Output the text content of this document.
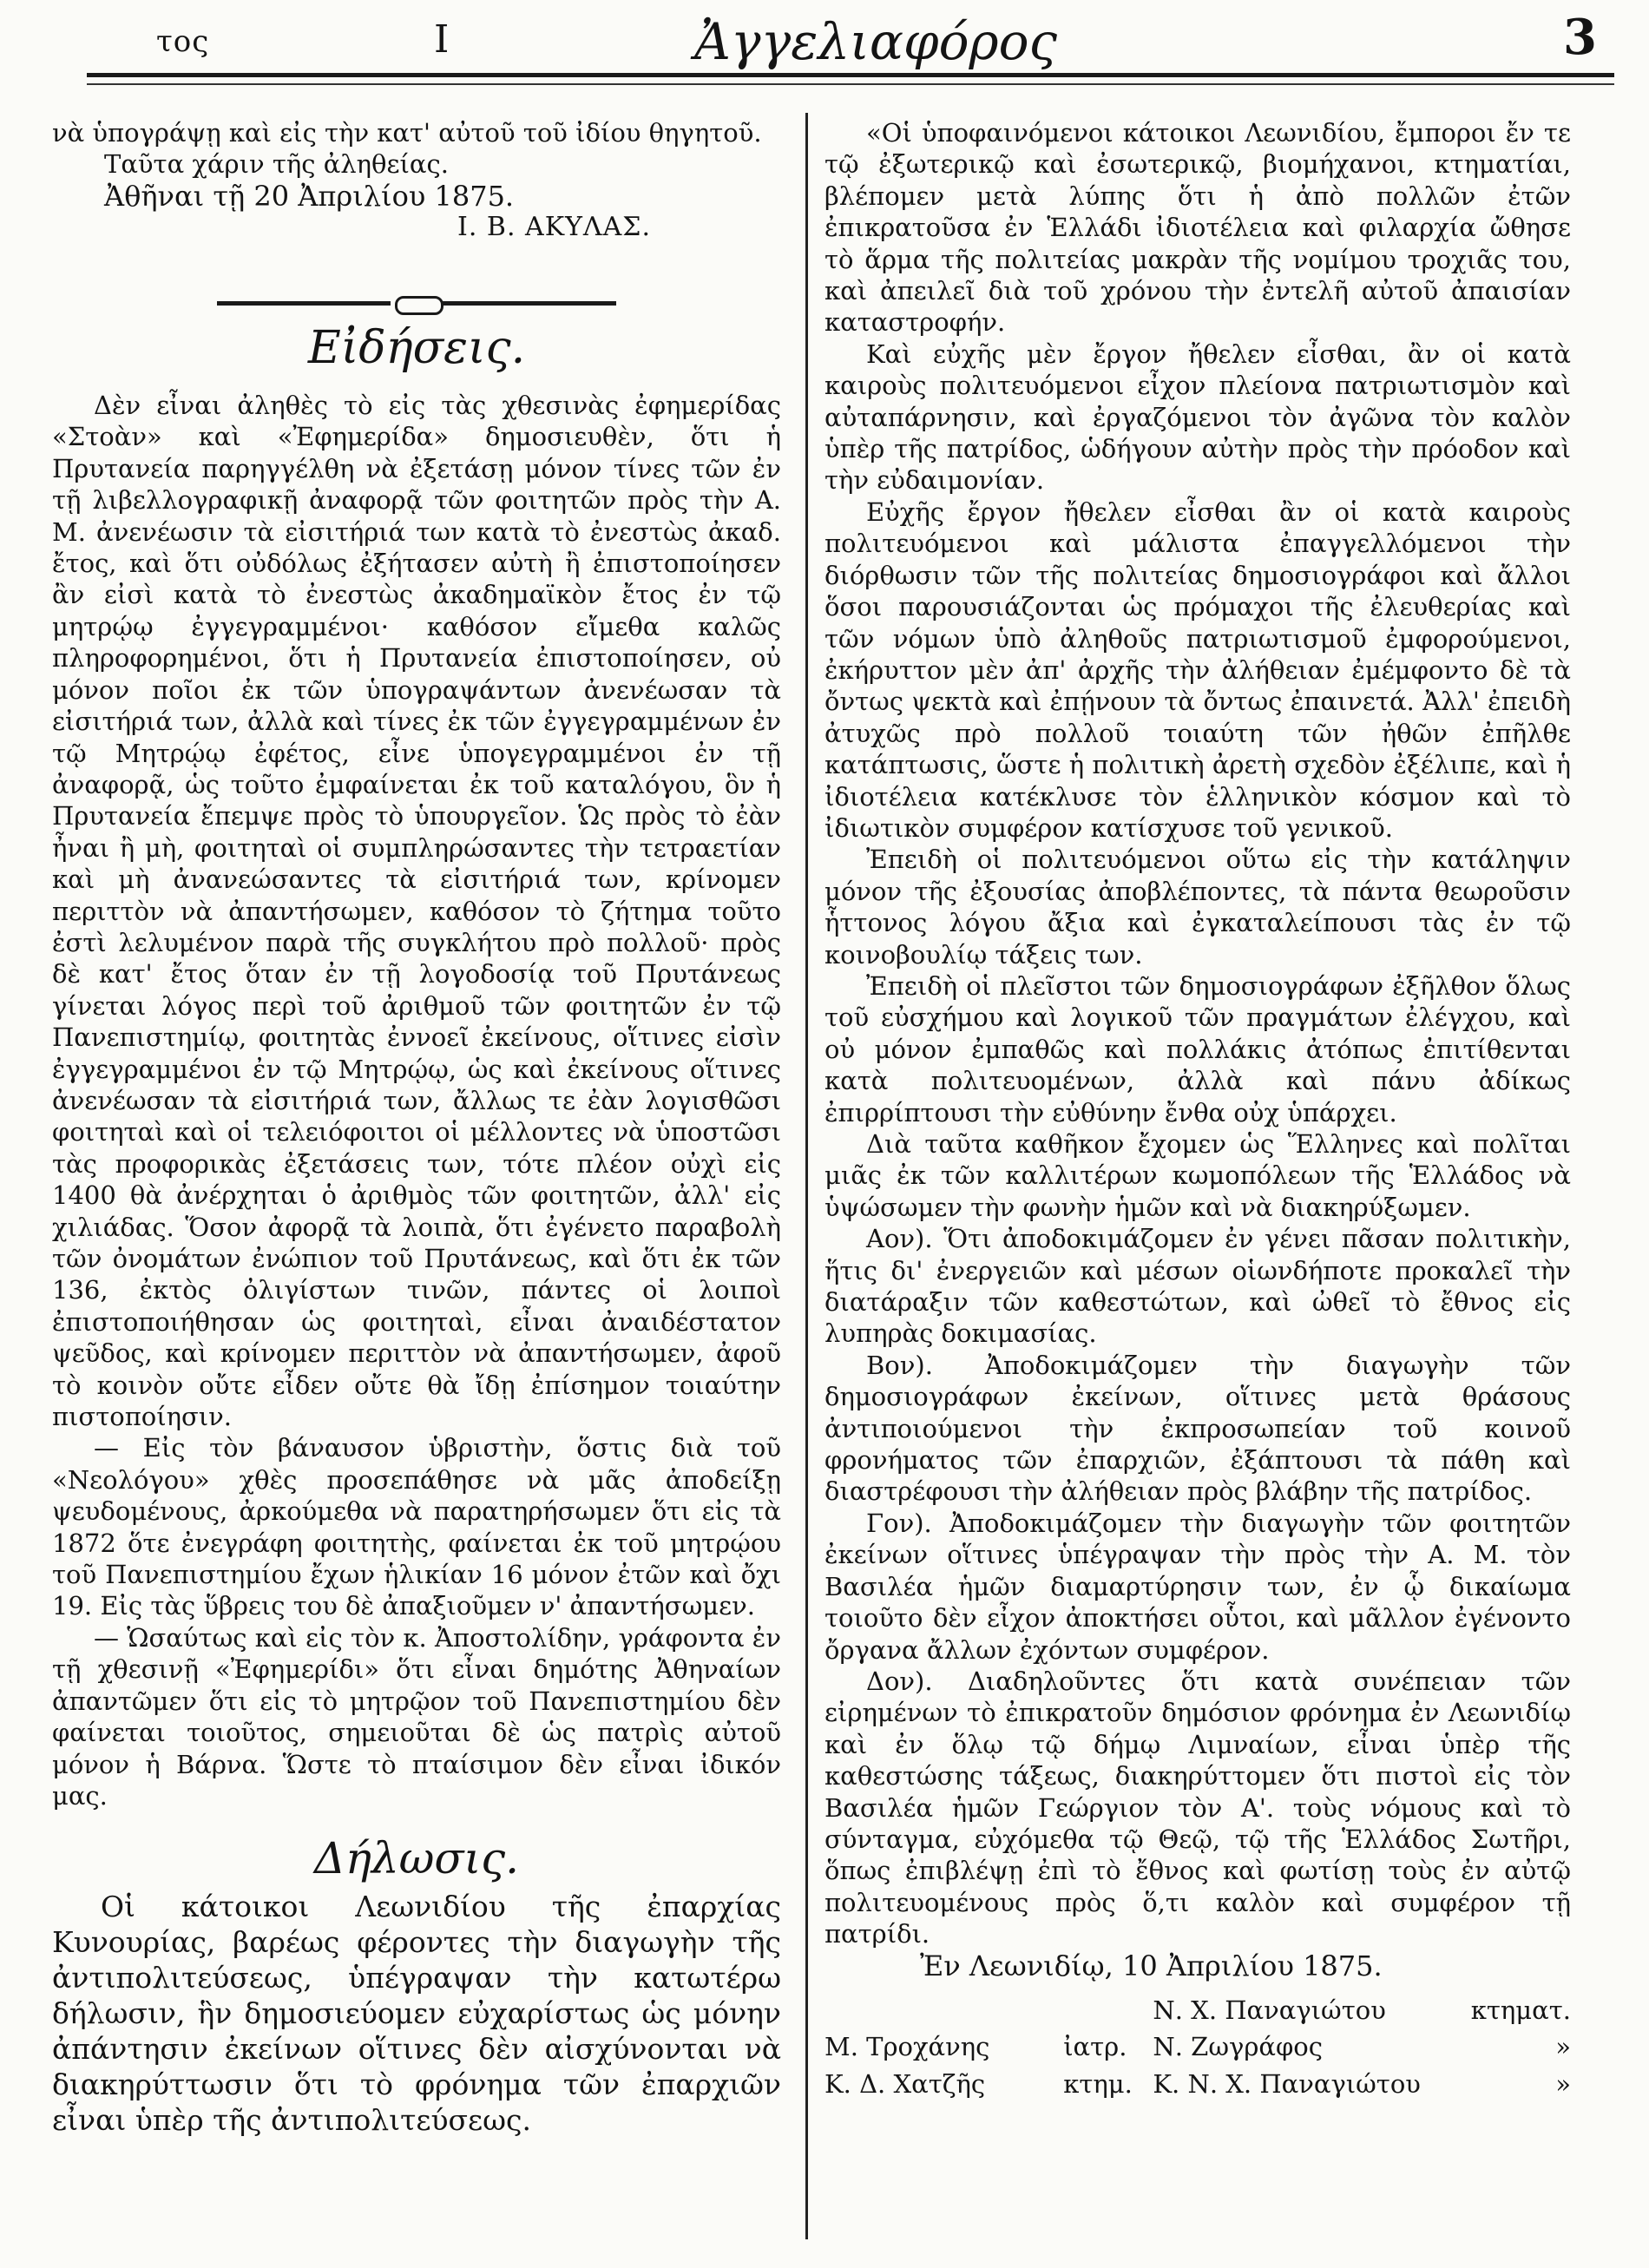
τος	Ι	Ἀγγελιαφόρος	3

νὰ ὑπογράψῃ καὶ εἰς τὴν κατ' αὐτοῦ τοῦ ἰδίου θηγητοῦ.

Ταῦτα χάριν τῆς ἀληθείας.

Ἀθῆναι τῇ 20 Ἀπριλίου 1875.

Ι. Β. ΑΚΥΛΑΣ.

Εἰδήσεις.

Δὲν εἶναι ἀληθὲς τὸ εἰς τὰς χθεσινὰς ἐφημερίδας «Στοὰν» καὶ «Ἐφημερίδα» δημοσιευθὲν, ὅτι ἡ Πρυτανεία παρηγγέλθη νὰ ἐξετάσῃ μόνον τίνες τῶν ἐν τῇ λιβελλογραφικῇ ἀναφορᾷ τῶν φοιτητῶν πρὸς τὴν Α. Μ. ἀνενέωσιν τὰ εἰσιτήριά των κατὰ τὸ ἐνεστὼς ἀκαδ. ἔτος, καὶ ὅτι οὐδόλως ἐξήτασεν αὐτὴ ἢ ἐπιστοποίησεν ἂν εἰσὶ κατὰ τὸ ἐνεστὼς ἀκαδημαϊκὸν ἔτος ἐν τῷ μητρῴῳ ἐγγεγραμμένοι· καθόσον εἴμεθα καλῶς πληροφορημένοι, ὅτι ἡ Πρυτανεία ἐπιστοποίησεν, οὐ μόνον ποῖοι ἐκ τῶν ὑπογραψάντων ἀνενέωσαν τὰ εἰσιτήριά των, ἀλλὰ καὶ τίνες ἐκ τῶν ἐγγεγραμμένων ἐν τῷ Μητρῴῳ ἐφέτος, εἶνε ὑπογεγραμμένοι ἐν τῇ ἀναφορᾷ, ὡς τοῦτο ἐμφαίνεται ἐκ τοῦ καταλόγου, ὃν ἡ Πρυτανεία ἔπεμψε πρὸς τὸ ὑπουργεῖον. Ὡς πρὸς τὸ ἐὰν ἦναι ἢ μὴ, φοιτηταὶ οἱ συμπληρώσαντες τὴν τετραετίαν καὶ μὴ ἀνανεώσαντες τὰ εἰσιτήριά των, κρίνομεν περιττὸν νὰ ἀπαντήσωμεν, καθόσον τὸ ζήτημα τοῦτο ἐστὶ λελυμένον παρὰ τῆς συγκλήτου πρὸ πολλοῦ· πρὸς δὲ κατ' ἔτος ὅταν ἐν τῇ λογοδοσίᾳ τοῦ Πρυτάνεως γίνεται λόγος περὶ τοῦ ἀριθμοῦ τῶν φοιτητῶν ἐν τῷ Πανεπιστημίῳ, φοιτητὰς ἐννοεῖ ἐκείνους, οἵτινες εἰσὶν ἐγγεγραμμένοι ἐν τῷ Μητρῴῳ, ὡς καὶ ἐκείνους οἵτινες ἀνενέωσαν τὰ εἰσιτήριά των, ἄλλως τε ἐὰν λογισθῶσι φοιτηταὶ καὶ οἱ τελειόφοιτοι οἱ μέλλοντες νὰ ὑποστῶσι τὰς προφορικὰς ἐξετάσεις των, τότε πλέον οὐχὶ εἰς 1400 θὰ ἀνέρχηται ὁ ἀριθμὸς τῶν φοιτητῶν, ἀλλ' εἰς χιλιάδας. Ὅσον ἀφορᾷ τὰ λοιπὰ, ὅτι ἐγένετο παραβολὴ τῶν ὀνομάτων ἐνώπιον τοῦ Πρυτάνεως, καὶ ὅτι ἐκ τῶν 136, ἐκτὸς ὀλιγίστων τινῶν, πάντες οἱ λοιποὶ ἐπιστοποιήθησαν ὡς φοιτηταὶ, εἶναι ἀναιδέστατον ψεῦδος, καὶ κρίνομεν περιττὸν νὰ ἀπαντήσωμεν, ἀφοῦ τὸ κοινὸν οὔτε εἶδεν οὔτε θὰ ἴδῃ ἐπίσημον τοιαύτην πιστοποίησιν.

— Εἰς τὸν βάναυσον ὑβριστὴν, ὅστις διὰ τοῦ «Νεολόγου» χθὲς προσεπάθησε νὰ μᾶς ἀποδείξῃ ψευδομένους, ἀρκούμεθα νὰ παρατηρήσωμεν ὅτι εἰς τὰ 1872 ὅτε ἐνεγράφη φοιτητὴς, φαίνεται ἐκ τοῦ μητρῴου τοῦ Πανεπιστημίου ἔχων ἡλικίαν 16 μόνον ἐτῶν καὶ ὄχι 19. Εἰς τὰς ὕβρεις του δὲ ἀπαξιοῦμεν ν' ἀπαντήσωμεν.

— Ὡσαύτως καὶ εἰς τὸν κ. Ἀποστολίδην, γράφοντα ἐν τῇ χθεσινῇ «Ἐφημερίδι» ὅτι εἶναι δημότης Ἀθηναίων ἀπαντῶμεν ὅτι εἰς τὸ μητρῷον τοῦ Πανεπιστημίου δὲν φαίνεται τοιοῦτος, σημειοῦται δὲ ὡς πατρὶς αὐτοῦ μόνον ἡ Βάρνα. Ὥστε τὸ πταίσιμον δὲν εἶναι ἰδικόν μας.

Δήλωσις.

Οἱ κάτοικοι Λεωνιδίου τῆς ἐπαρχίας Κυνουρίας, βαρέως φέροντες τὴν διαγωγὴν τῆς ἀντιπολιτεύσεως, ὑπέγραψαν τὴν κατωτέρω δήλωσιν, ἣν δημοσιεύομεν εὐχαρίστως ὡς μόνην ἀπάντησιν ἐκείνων οἵτινες δὲν αἰσχύνονται νὰ διακηρύττωσιν ὅτι τὸ φρόνημα τῶν ἐπαρχιῶν εἶναι ὑπὲρ τῆς ἀντιπολιτεύσεως.

«Οἱ ὑποφαινόμενοι κάτοικοι Λεωνιδίου, ἔμποροι ἔν τε τῷ ἐξωτερικῷ καὶ ἐσωτερικῷ, βιομήχανοι, κτηματίαι, βλέπομεν μετὰ λύπης ὅτι ἡ ἀπὸ πολλῶν ἐτῶν ἐπικρατοῦσα ἐν Ἑλλάδι ἰδιοτέλεια καὶ φιλαρχία ὤθησε τὸ ἅρμα τῆς πολιτείας μακρὰν τῆς νομίμου τροχιᾶς του, καὶ ἀπειλεῖ διὰ τοῦ χρόνου τὴν ἐντελῆ αὐτοῦ ἀπαισίαν καταστροφήν.

Καὶ εὐχῆς μὲν ἔργον ἤθελεν εἶσθαι, ἂν οἱ κατὰ καιροὺς πολιτευόμενοι εἶχον πλείονα πατριωτισμὸν καὶ αὐταπάρνησιν, καὶ ἐργαζόμενοι τὸν ἀγῶνα τὸν καλὸν ὑπὲρ τῆς πατρίδος, ὡδήγουν αὐτὴν πρὸς τὴν πρόοδον καὶ τὴν εὐδαιμονίαν.

Εὐχῆς ἔργον ἤθελεν εἶσθαι ἂν οἱ κατὰ καιροὺς πολιτευόμενοι καὶ μάλιστα ἐπαγγελλόμενοι τὴν διόρθωσιν τῶν τῆς πολιτείας δημοσιογράφοι καὶ ἄλλοι ὅσοι παρουσιάζονται ὡς πρόμαχοι τῆς ἐλευθερίας καὶ τῶν νόμων ὑπὸ ἀληθοῦς πατριωτισμοῦ ἐμφορούμενοι, ἐκήρυττον μὲν ἀπ' ἀρχῆς τὴν ἀλήθειαν ἐμέμφοντο δὲ τὰ ὄντως ψεκτὰ καὶ ἐπῄνουν τὰ ὄντως ἐπαινετά. Ἀλλ' ἐπειδὴ ἀτυχῶς πρὸ πολλοῦ τοιαύτη τῶν ἠθῶν ἐπῆλθε κατάπτωσις, ὥστε ἡ πολιτικὴ ἀρετὴ σχεδὸν ἐξέλιπε, καὶ ἡ ἰδιοτέλεια κατέκλυσε τὸν ἑλληνικὸν κόσμον καὶ τὸ ἰδιωτικὸν συμφέρον κατίσχυσε τοῦ γενικοῦ.

Ἐπειδὴ οἱ πολιτευόμενοι οὕτω εἰς τὴν κατάληψιν μόνον τῆς ἐξουσίας ἀποβλέποντες, τὰ πάντα θεωροῦσιν ἧττονος λόγου ἄξια καὶ ἐγκαταλείπουσι τὰς ἐν τῷ κοινοβουλίῳ τάξεις των.

Ἐπειδὴ οἱ πλεῖστοι τῶν δημοσιογράφων ἐξῆλθον ὅλως τοῦ εὐσχήμου καὶ λογικοῦ τῶν πραγμάτων ἐλέγχου, καὶ οὐ μόνον ἐμπαθῶς καὶ πολλάκις ἀτόπως ἐπιτίθενται κατὰ πολιτευομένων, ἀλλὰ καὶ πάνυ ἀδίκως ἐπιρρίπτουσι τὴν εὐθύνην ἔνθα οὐχ ὑπάρχει.

Διὰ ταῦτα καθῆκον ἔχομεν ὡς Ἕλληνες καὶ πολῖται μιᾶς ἐκ τῶν καλλιτέρων κωμοπόλεων τῆς Ἑλλάδος νὰ ὑψώσωμεν τὴν φωνὴν ἡμῶν καὶ νὰ διακηρύξωμεν.

Αον). Ὅτι ἀποδοκιμάζομεν ἐν γένει πᾶσαν πολιτικὴν, ἥτις δι' ἐνεργειῶν καὶ μέσων οἱωνδήποτε προκαλεῖ τὴν διατάραξιν τῶν καθεστώτων, καὶ ὠθεῖ τὸ ἔθνος εἰς λυπηρὰς δοκιμασίας.

Βον). Ἀποδοκιμάζομεν τὴν διαγωγὴν τῶν δημοσιογράφων ἐκείνων, οἵτινες μετὰ θράσους ἀντιποιούμενοι τὴν ἐκπροσωπείαν τοῦ κοινοῦ φρονήματος τῶν ἐπαρχιῶν, ἐξάπτουσι τὰ πάθη καὶ διαστρέφουσι τὴν ἀλήθειαν πρὸς βλάβην τῆς πατρίδος.

Γον). Ἀποδοκιμάζομεν τὴν διαγωγὴν τῶν φοιτητῶν ἐκείνων οἵτινες ὑπέγραψαν τὴν πρὸς τὴν Α. Μ. τὸν Βασιλέα ἡμῶν διαμαρτύρησιν των, ἐν ᾧ δικαίωμα τοιοῦτο δὲν εἶχον ἀποκτήσει οὗτοι, καὶ μᾶλλον ἐγένοντο ὄργανα ἄλλων ἐχόντων συμφέρον.

Δον). Διαδηλοῦντες ὅτι κατὰ συνέπειαν τῶν εἰρημένων τὸ ἐπικρατοῦν δημόσιον φρόνημα ἐν Λεωνιδίῳ καὶ ἐν ὅλῳ τῷ δήμῳ Λιμναίων, εἶναι ὑπὲρ τῆς καθεστώσης τάξεως, διακηρύττομεν ὅτι πιστοὶ εἰς τὸν Βασιλέα ἡμῶν Γεώργιον τὸν Α'. τοὺς νόμους καὶ τὸ σύνταγμα, εὐχόμεθα τῷ Θεῷ, τῷ τῆς Ἑλλάδος Σωτῆρι, ὅπως ἐπιβλέψῃ ἐπὶ τὸ ἔθνος καὶ φωτίσῃ τοὺς ἐν αὐτῷ πολιτευομένους πρὸς ὅ,τι καλὸν καὶ συμφέρον τῇ πατρίδι.

Ἐν Λεωνιδίῳ, 10 Ἀπριλίου 1875.

		Ν. Χ. Παναγιώτου	κτηματ.
Μ. Τροχάνης	ἰατρ.	Ν. Ζωγράφος	»
Κ. Δ. Χατζῆς	κτημ.	Κ. Ν. Χ. Παναγιώτου	»
